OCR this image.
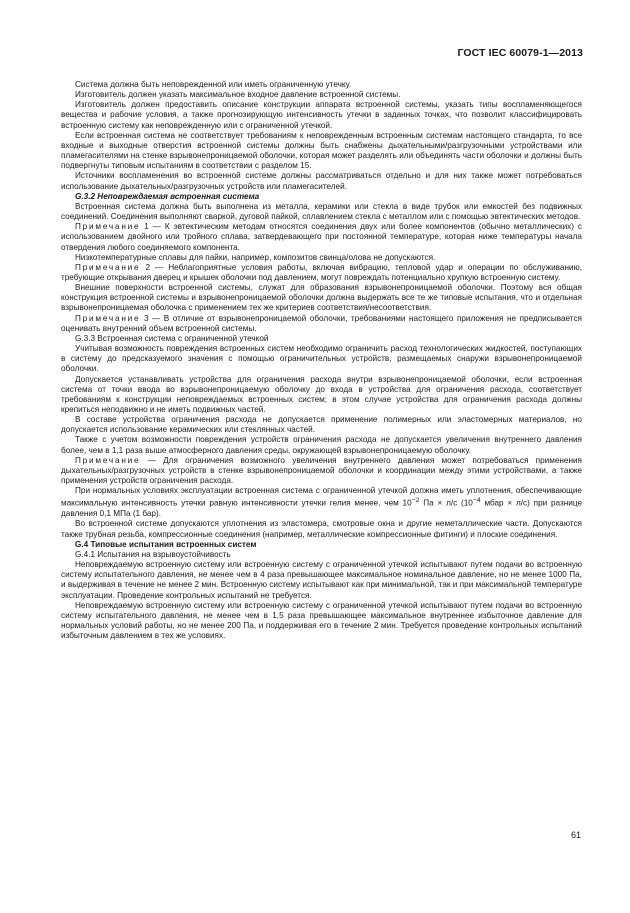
ГОСТ IEC 60079-1—2013

Система должна быть неповрежденной или иметь ограниченную утечку.

Изготовитель должен указать максимальное входное давление встроенной системы.

Изготовитель должен предоставить описание конструкции аппарата встроенной системы, указать типы воспламеняющегося вещества и рабочие условия, а также прогнозирующую интенсивность утечки в заданных точках, что позволит классифицировать встроенную систему как неповрежденную или с ограниченной утечкой.

Если встроенная система не соответствует требованиям к неповрежденным встроенным системам настоящего стандарта, то все входные и выходные отверстия встроенной системы должны быть снабжены дыхательными/разгрузочными устройствами или пламегасителями на стенке взрывонепроницаемой оболочки, которая может разделять или объединять части оболочки и должны быть подвергнуты типовым испытаниям в соответствии с разделом 15.

Источники воспламенения во встроенной системе должны рассматриваться отдельно и для них также может потребоваться использование дыхательных/разгрузочных устройств или пламегасителей.

G.3.2 Неповреждаемая встроенная система

Встроенная система должна быть выполнена из металла, керамики или стекла в виде трубок или емкостей без подвижных соединений. Соединения выполняют сваркой, дуговой пайкой, сплавлением стекла с металлом или с помощью эвтектических методов.

Примечание 1 — К эвтектическим методам относятся соединения двух или более компонентов (обычно металлических) с использованием двойного или тройного сплава, затвердевающего при постоянной температуре, которая ниже температуры начала отвердения любого соединяемого компонента.

Низкотемпературные сплавы для пайки, например, композитов свинца/олова не допускаются.

Примечание 2 — Неблагоприятные условия работы, включая вибрацию, тепловой удар и операции по обслуживанию, требующие открывания дверец и крышек оболочки под давлением, могут повреждать потенциально хрупкую встроенную систему.

Внешние поверхности встроенной системы, служат для образования взрывонепроницаемой оболочки. Поэтому вся общая конструкция встроенной системы и взрывонепроницаемой оболочки должна выдержать все те же типовые испытания, что и отдельная взрывонепроницаемая оболочка с применением тех же критериев соответствия/несоответствия.

Примечание 3 — В отличие от взрывонепроницаемой оболочки, требованиями настоящего приложения не предписывается оценивать внутренний объем встроенной системы.

G.3.3 Встроенная система с ограниченной утечкой

Учитывая возможность повреждения встроенных систем необходимо ограничить расход технологических жидкостей, поступающих в систему до предсказуемого значения с помощью ограничительных устройств, размещаемых снаружи взрывонепроницаемой оболочки.

Допускается устанавливать устройства для ограничения расхода внутри взрывонепроницаемой оболочки, если встроенная система от точки ввода во взрывонепроницаемую оболочку до входа в устройства для ограничения расхода, соответствует требованиям к конструкции неповреждаемых встроенных систем; в этом случае устройства для ограничения расхода должны крепиться неподвижно и не иметь подвижных частей.

В составе устройства ограничения расхода не допускается применение полимерных или эластомерных материалов, но допускается использование керамических или стеклянных частей.

Также с учетом возможности повреждения устройств ограничения расхода не допускается увеличения внутреннего давления более, чем в 1,1 раза выше атмосферного давления среды, окружающей взрывонепроницаемую оболочку.

Примечание — Для ограничения возможного увеличения внутреннего давления может потребоваться применения дыхательных/разгрузочных устройств в стенке взрывонепроницаемой оболочки и координации между этими устройствами, а также применения устройств ограничения расхода.

При нормальных условиях эксплуатации встроенная система с ограниченной утечкой должна иметь уплотнения, обеспечивающие максимальную интенсивность утечки равную интенсивности утечки гелия менее, чем $10^{-2}$ Па × л/с ($10^{-4}$ мбар × л/с) при разнице давления 0,1 МПа (1 бар).

Во встроенной системе допускаются уплотнения из эластомера, смотровые окна и другие неметаллические части. Допускаются также трубная резьба, компрессионные соединения (например, металлические компрессионные фитинги) и плоские соединения.

G.4 Типовые испытания встроенных систем

G.4.1 Испытания на взрывоустойчивость

Неповреждаемую встроенную систему или встроенную систему с ограниченной утечкой испытывают путем подачи во встроенную систему испытательного давления, не менее чем в 4 раза превышающее максимальное номинальное давление, но не менее 1000 Па, и выдерживая в течение не менее 2 мин. Встроенную систему испытывают как при минимальной, так и при максимальной температуре эксплуатации. Проведение контрольных испытаний не требуется.

Неповреждаемую встроенную систему или встроенную систему с ограниченной утечкой испытывают путем подачи во встроенную систему испытательного давления, не менее чем в 1,5 раза превышающее максимальное внутреннее избыточное давление для нормальных условий работы, но не менее 200 Па, и поддерживая его в течение 2 мин. Требуется проведение контрольных испытаний избыточным давлением в тех же условиях.

61
